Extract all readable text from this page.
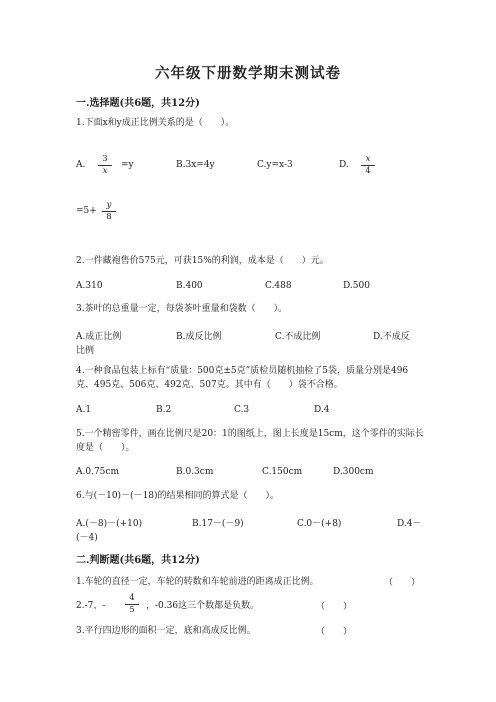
六年级下册数学期末测试卷
一.选择题(共6题，共12分)
1.下面x和y成正比例关系的是（　　）。
A. $\frac{3}{x} =y$	B.3x=4y	C.y=x-3	D. $\frac{x}{4}$
$=5+ \frac{y}{8}$
2.一件藏袍售价575元，可获15%的利润，成本是（　　）元。
A.310	B.400	C.488	D.500
3.茶叶的总重量一定，每袋茶叶重量和袋数（　　）。
A.成正比例	B.成反比例	C.不成比例	D.不成反
比例
4.一种食品包装上标有“质量：500克±5克”质检员随机抽检了5袋，质量分别是496克、495克、506克、492克、507克。其中有（　　）袋不合格。
A.1	B.2	C.3	D.4
5.一个精密零件，画在比例尺是20：1的图纸上，图上长度是15cm，这个零件的实际长度是（　　）。
A.0.75cm	B.0.3cm	C.150cm	D.300cm
6.与(－10)－(－18)的结果相同的算式是（　　）。
A.(－8)－(+10)	B.17－(－9)	C.0－(+8)	D.4－
(－4)
二.判断题(共6题，共12分)
1.车轮的直径一定，车轮的转数和车轮前进的距离成正比例。	（　　）
2.-7、- $\frac{4}{5}$ ，-0.36这三个数都是负数。	（　　）
3.平行四边形的面积一定，底和高成反比例。	（　　）
